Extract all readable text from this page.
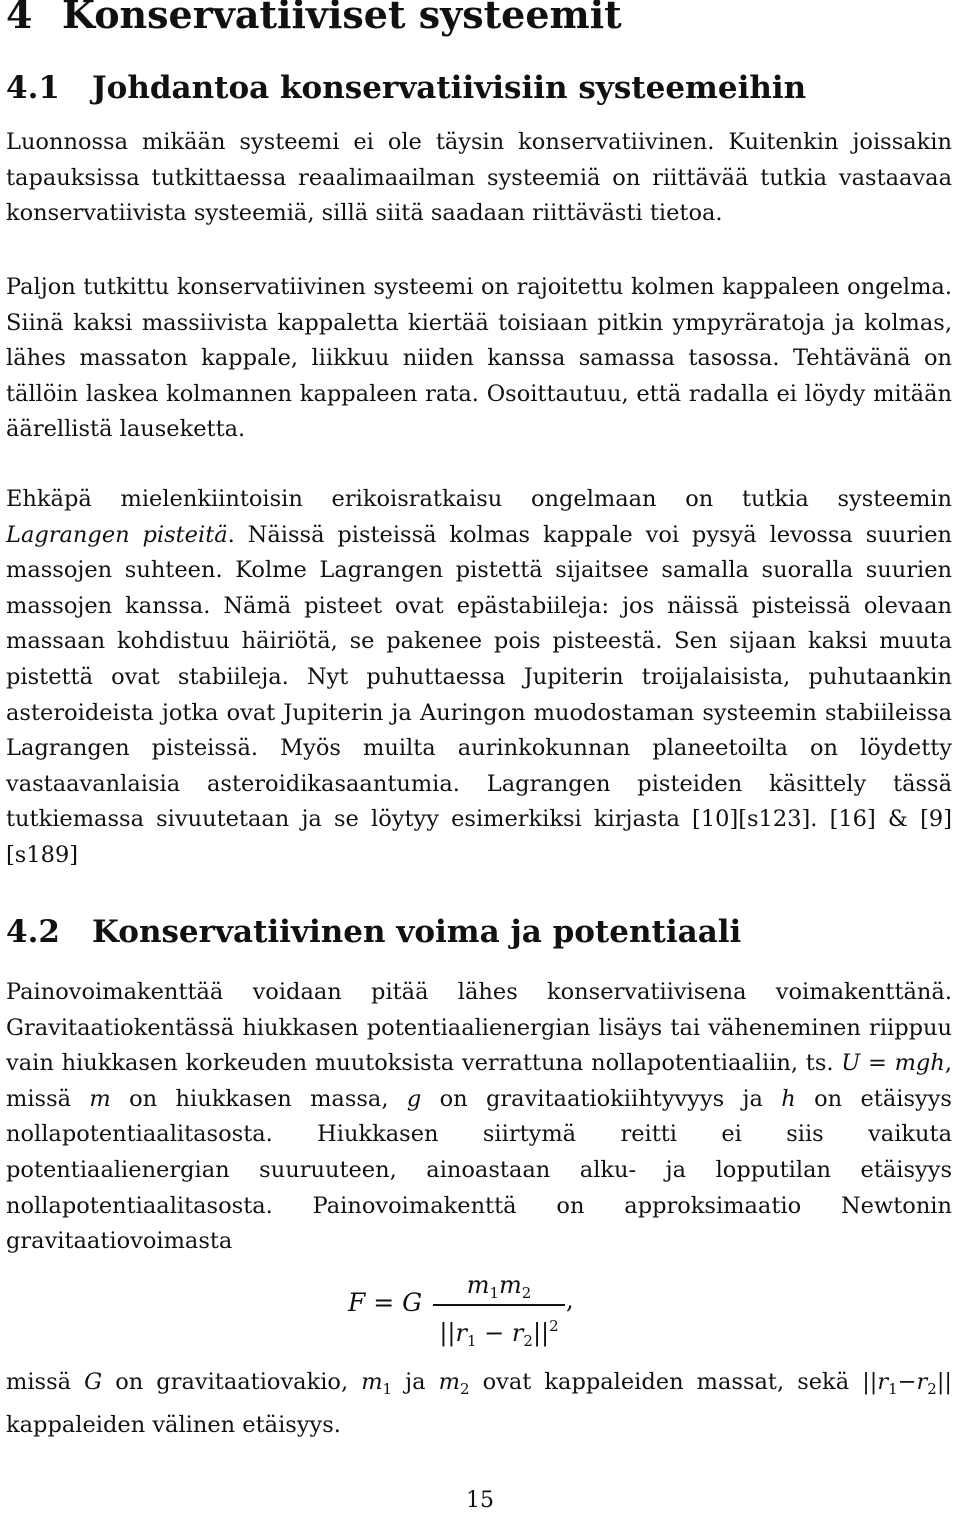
4 Konservatiiviset systeemit
4.1 Johdantoa konservatiivisiin systeemeihin

Luonnossa mikään systeemi ei ole täysin konservatiivinen. Kuitenkin joissakin tapauksissa tutkittaessa reaalimaailman systeemiä on riittävää tutkia vastaavaa konservatiivista systeemiä, sillä siitä saadaan riittävästi tietoa.

Paljon tutkittu konservatiivinen systeemi on rajoitettu kolmen kappaleen ongelma. Siinä kaksi massiivista kappaletta kiertää toisiaan pitkin ympyräratoja ja kolmas, lähes massaton kappale, liikkuu niiden kanssa samassa tasossa. Tehtävänä on tällöin laskea kolmannen kappaleen rata. Osoittautuu, että radalla ei löydy mitään äärellistä lauseketta.

Ehkäpä mielenkiintoisin erikoisratkaisu ongelmaan on tutkia systeemin Lagrangen pisteitä. Näissä pisteissä kolmas kappale voi pysyä levossa suurien massojen suhteen. Kolme Lagrangen pistettä sijaitsee samalla suoralla suurien massojen kanssa. Nämä pisteet ovat epästabiileja: jos näissä pisteissä olevaan massaan kohdistuu häiriötä, se pakenee pois pisteestä. Sen sijaan kaksi muuta pistettä ovat stabiileja. Nyt puhuttaessa Jupiterin troijalaisista, puhutaankin asteroideista jotka ovat Jupiterin ja Auringon muodostaman systeemin stabiileissa Lagrangen pisteissä. Myös muilta aurinkokunnan planeetoilta on löydetty vastaavanlaisia asteroidikasaantumia. Lagrangen pisteiden käsittely tässä tutkiemassa sivuutetaan ja se löytyy esimerkiksi kirjasta [10][s123]. [16] & [9][s189]

4.2 Konservatiivinen voima ja potentiaali

Painovoimakenttää voidaan pitää lähes konservatiivisena voimakenttänä. Gravitaatiokentässä hiukkasen potentiaalienergian lisäys tai väheneminen riippuu vain hiukkasen korkeuden muutoksista verrattuna nollapotentiaaliin, ts. U = mgh, missä m on hiukkasen massa, g on gravitaatiokiihtyvyys ja h on etäisyys nollapotentiaalitasosta. Hiukkasen siirtymä reitti ei siis vaikuta potentiaalienergian suuruuteen, ainoastaan alku- ja lopputilan etäisyys nollapotentiaalitasosta. Painovoimakenttä on approksimaatio Newtonin gravitaatiovoimasta

F = G
$m_1m_2$
$||r_1 - r_2||^2$
,

missä G on gravitaatiovakio, $m_1$ ja $m_2$ ovat kappaleiden massat, sekä $||r_1-r_2||$ kappaleiden välinen etäisyys.

15
